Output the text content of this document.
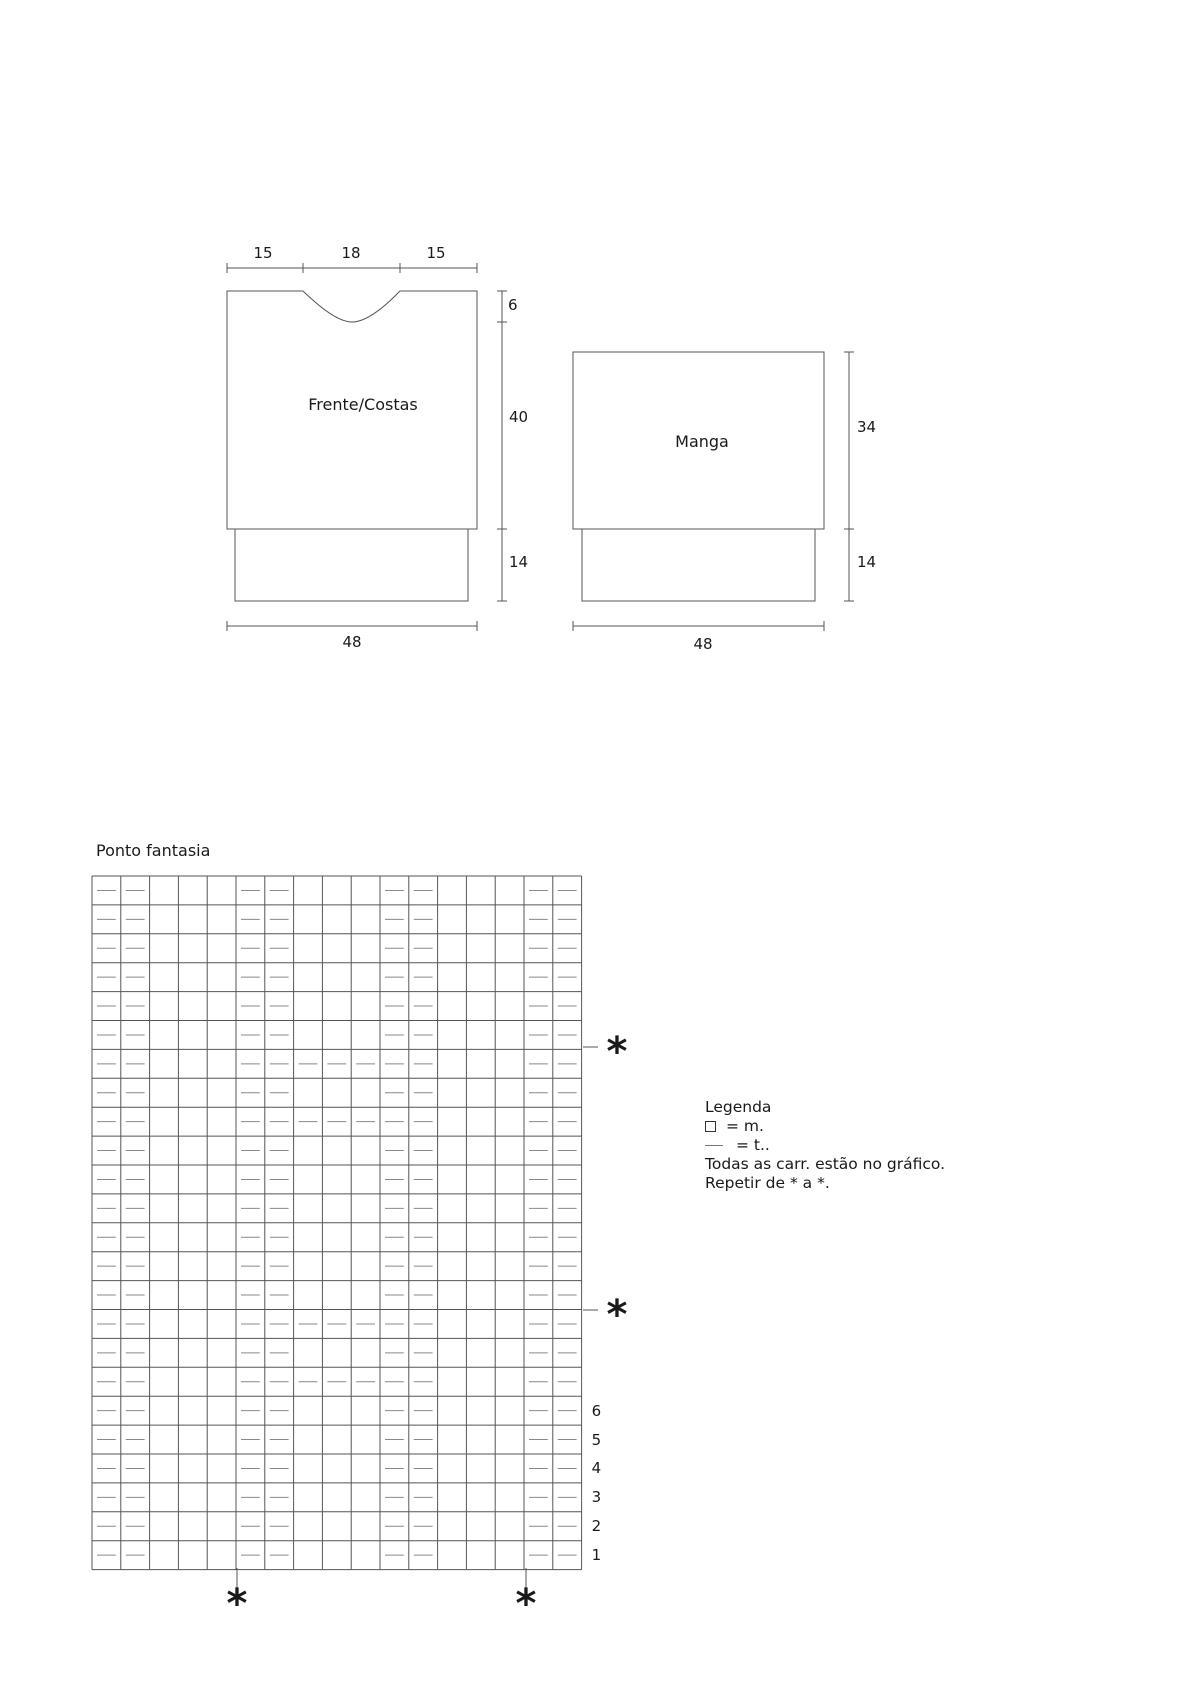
15	18	15
6
40
14
Frente/Costas
48
Manga
34
14
48
Ponto fantasia
1
2
3
4
5
6
*
*
*	*
Legenda
= m.
= t..
Todas as carr. estão no gráfico.
Repetir de * a *.
